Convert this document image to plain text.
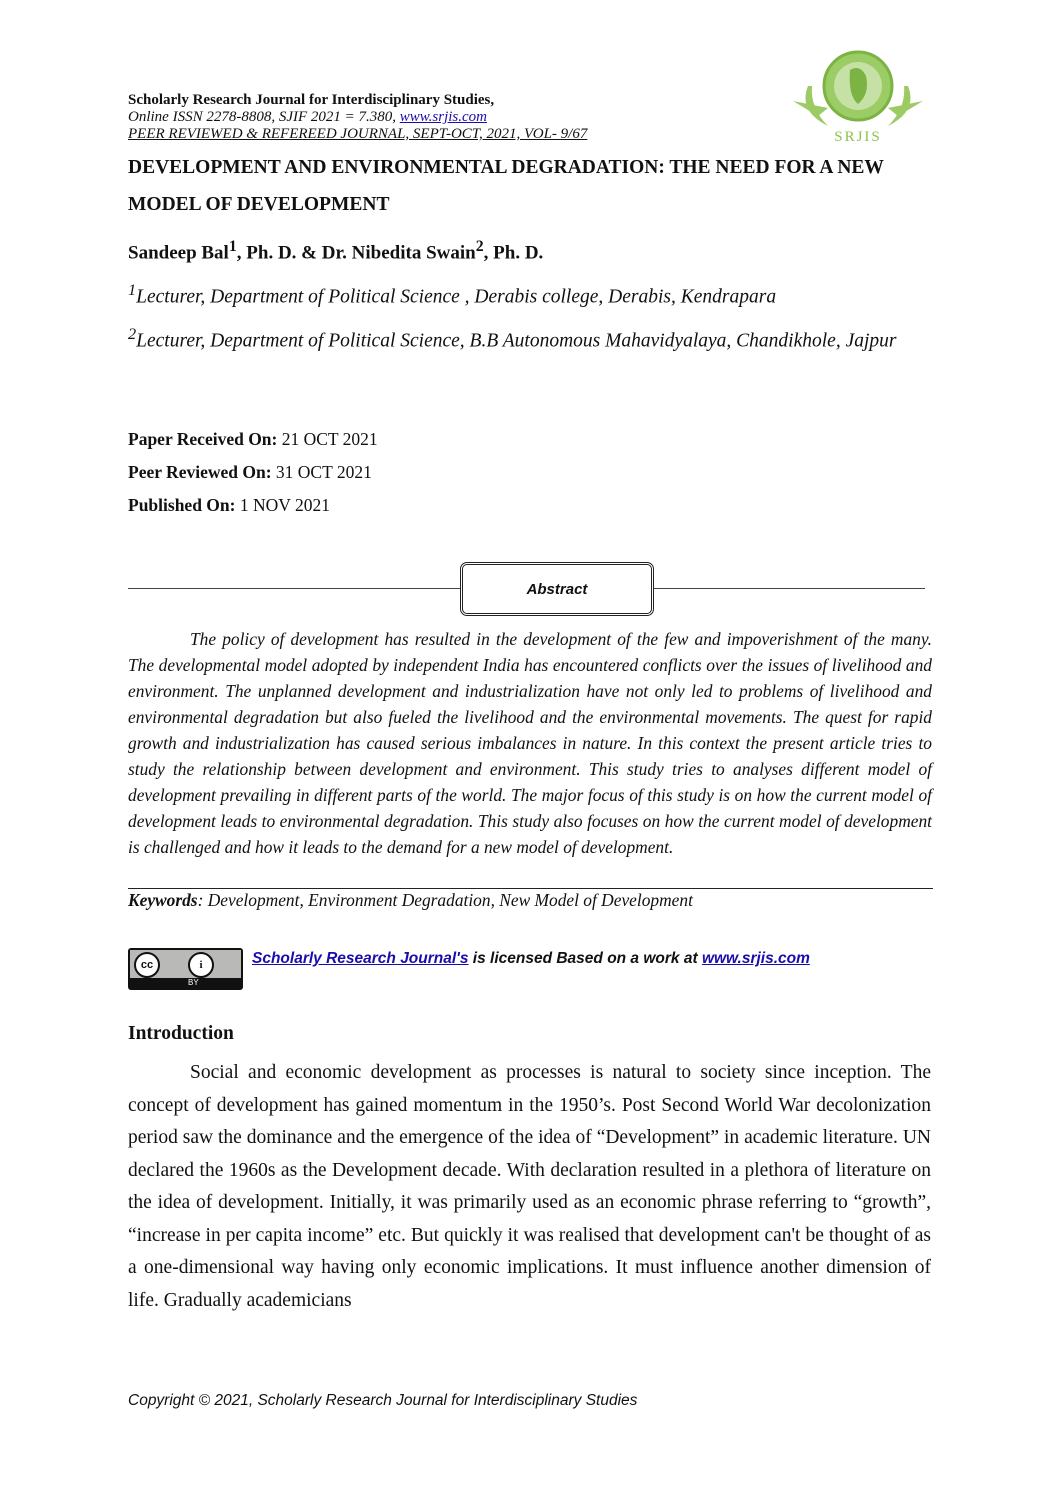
Scholarly Research Journal for Interdisciplinary Studies,
Online ISSN 2278-8808, SJIF 2021 = 7.380, www.srjis.com
PEER REVIEWED & REFEREED JOURNAL, SEPT-OCT, 2021, VOL- 9/67	SRJIS
DEVELOPMENT AND ENVIRONMENTAL DEGRADATION: THE NEED FOR A NEW MODEL OF DEVELOPMENT
Sandeep Bal$^1$, Ph. D. & Dr. Nibedita Swain$^2$, Ph. D.
$^1$Lecturer, Department of Political Science , Derabis college, Derabis, Kendrapara
$^2$Lecturer, Department of Political Science, B.B Autonomous Mahavidyalaya, Chandikhole, Jajpur
Paper Received On: 21 OCT 2021
Peer Reviewed On: 31 OCT 2021
Published On: 1 NOV 2021
Abstract

The policy of development has resulted in the development of the few and impoverishment of the many. The developmental model adopted by independent India has encountered conflicts over the issues of livelihood and environment. The unplanned development and industrialization have not only led to problems of livelihood and environmental degradation but also fueled the livelihood and the environmental movements. The quest for rapid growth and industrialization has caused serious imbalances in nature. In this context the present article tries to study the relationship between development and environment. This study tries to analyses different model of development prevailing in different parts of the world. The major focus of this study is on how the current model of development leads to environmental degradation. This study also focuses on how the current model of development is challenged and how it leads to the demand for a new model of development.

Keywords: Development, Environment Degradation, New Model of Development
cc	i
BY
Scholarly Research Journal's is licensed Based on a work at www.srjis.com
Introduction

Social and economic development as processes is natural to society since inception. The concept of development has gained momentum in the 1950’s. Post Second World War decolonization period saw the dominance and the emergence of the idea of “Development” in academic literature. UN declared the 1960s as the Development decade. With declaration resulted in a plethora of literature on the idea of development. Initially, it was primarily used as an economic phrase referring to “growth”, “increase in per capita income” etc. But quickly it was realised that development can't be thought of as a one-dimensional way having only economic implications. It must influence another dimension of life. Gradually academicians

Copyright © 2021, Scholarly Research Journal for Interdisciplinary Studies
